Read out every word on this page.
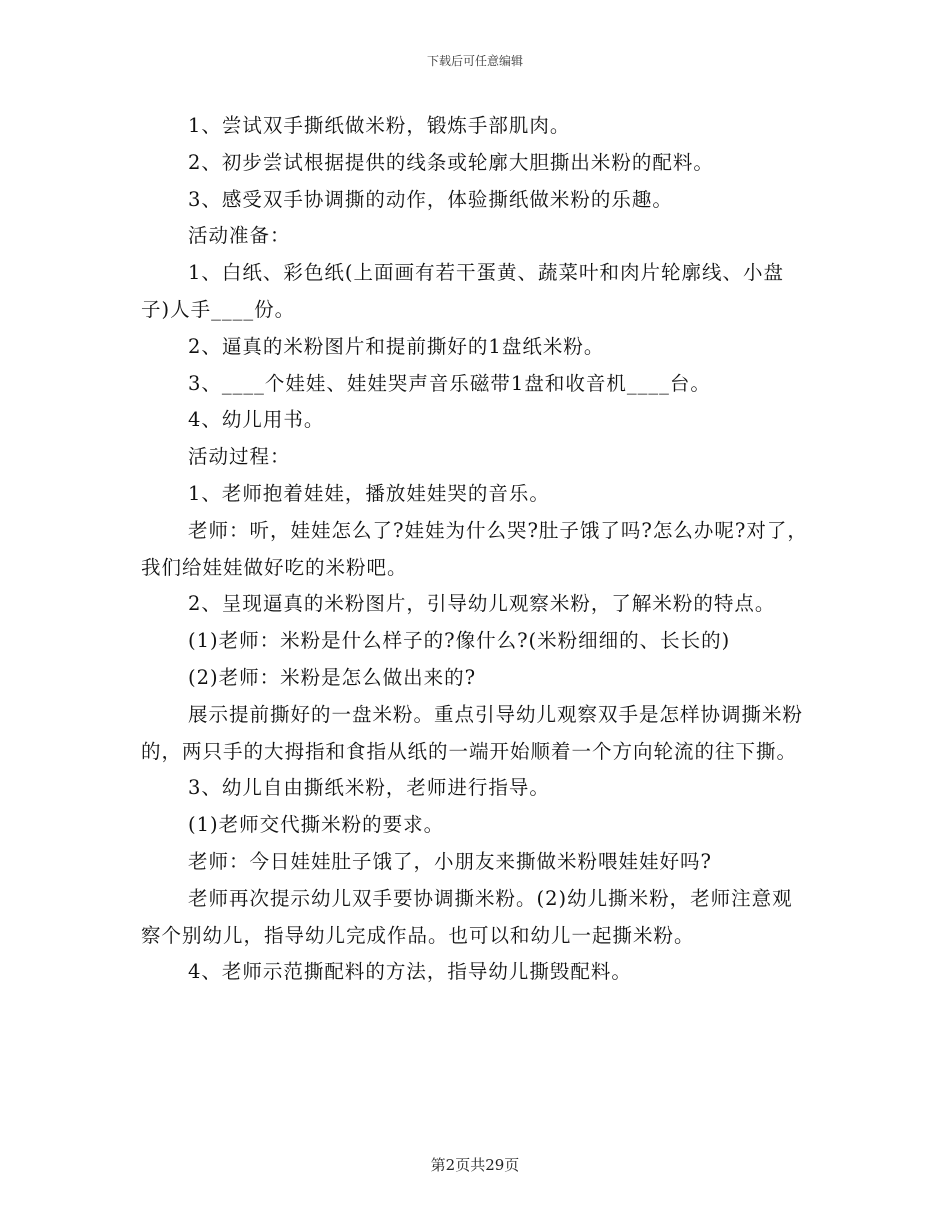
下载后可任意编辑

1、尝试双手撕纸做米粉，锻炼手部肌肉。

2、初步尝试根据提供的线条或轮廓大胆撕出米粉的配料。

3、感受双手协调撕的动作，体验撕纸做米粉的乐趣。

活动准备：

1、白纸、彩色纸(上面画有若干蛋黄、蔬菜叶和肉片轮廓线、小盘子)人手____份。

2、逼真的米粉图片和提前撕好的1盘纸米粉。

3、____个娃娃、娃娃哭声音乐磁带1盘和收音机____台。

4、幼儿用书。

活动过程：

1、老师抱着娃娃，播放娃娃哭的音乐。

老师：听，娃娃怎么了?娃娃为什么哭?肚子饿了吗?怎么办呢?对了，我们给娃娃做好吃的米粉吧。

2、呈现逼真的米粉图片，引导幼儿观察米粉，了解米粉的特点。

(1)老师：米粉是什么样子的?像什么?(米粉细细的、长长的)

(2)老师：米粉是怎么做出来的?

展示提前撕好的一盘米粉。重点引导幼儿观察双手是怎样协调撕米粉的，两只手的大拇指和食指从纸的一端开始顺着一个方向轮流的往下撕。

3、幼儿自由撕纸米粉，老师进行指导。

(1)老师交代撕米粉的要求。

老师：今日娃娃肚子饿了，小朋友来撕做米粉喂娃娃好吗?

老师再次提示幼儿双手要协调撕米粉。(2)幼儿撕米粉，老师注意观察个别幼儿，指导幼儿完成作品。也可以和幼儿一起撕米粉。

4、老师示范撕配料的方法，指导幼儿撕毁配料。

第2页共29页
